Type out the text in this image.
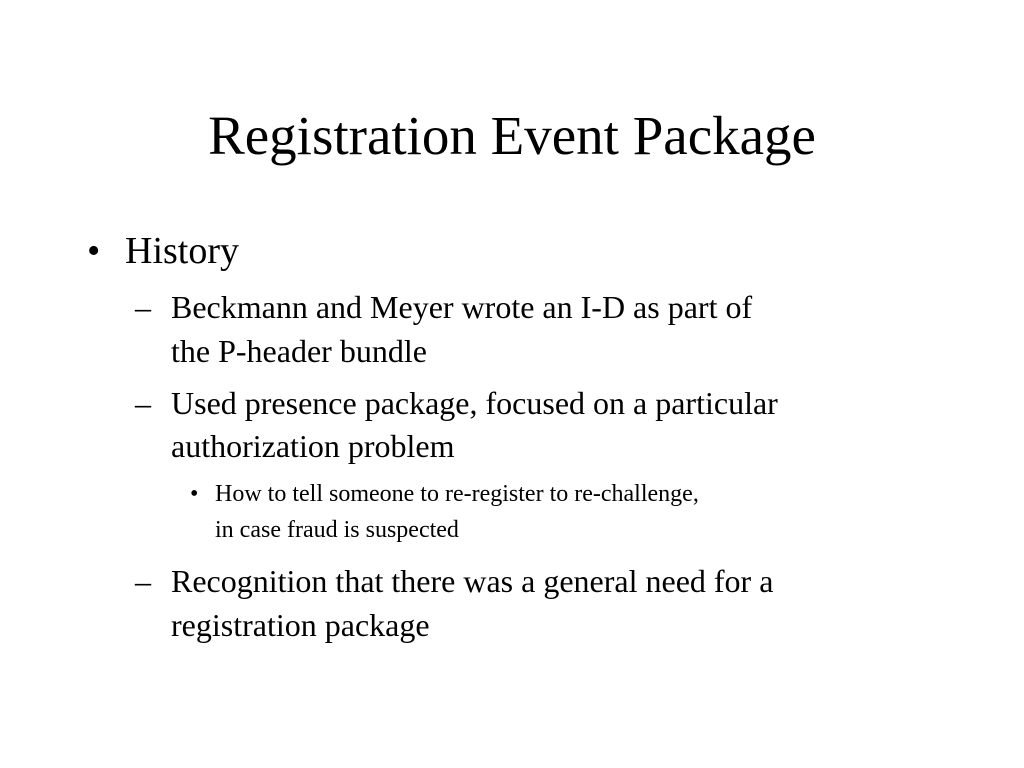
Registration Event Package
• History
– Beckmann and Meyer wrote an I-D as part of
the P-header bundle
– Used presence package, focused on a particular
authorization problem
• How to tell someone to re-register to re-challenge,
in case fraud is suspected
– Recognition that there was a general need for a
registration package
